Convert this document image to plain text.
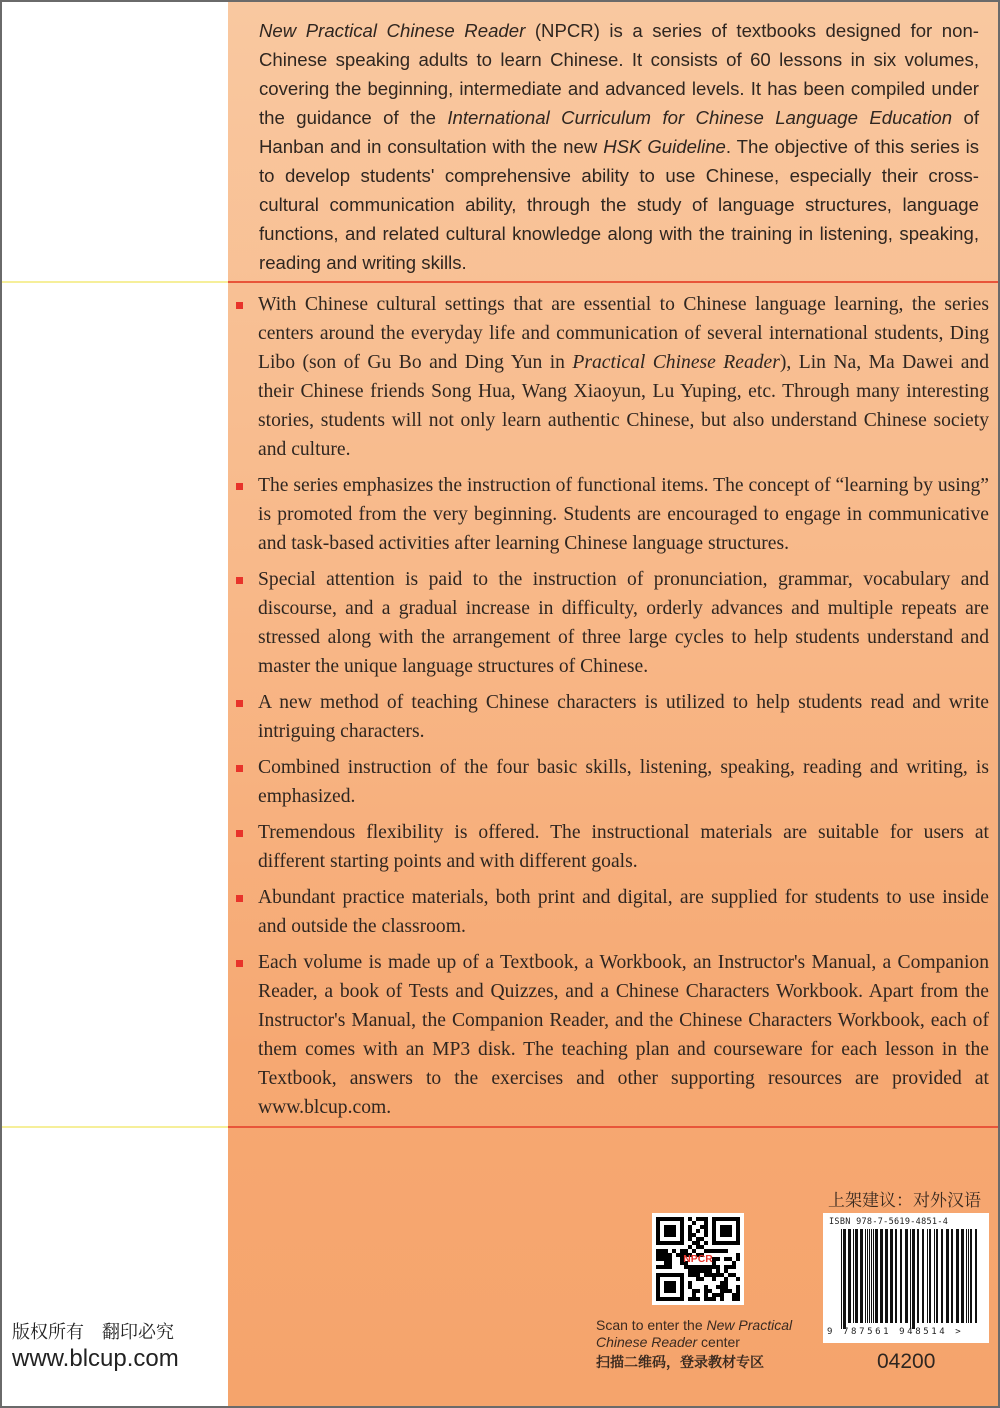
New Practical Chinese Reader (NPCR) is a series of textbooks designed for non-Chinese speaking adults to learn Chinese. It consists of 60 lessons in six volumes, covering the beginning, intermediate and advanced levels. It has been compiled under the guidance of the International Curriculum for Chinese Language Education of Hanban and in consultation with the new HSK Guideline. The objective of this series is to develop students' comprehensive ability to use Chinese, especially their cross-cultural communication ability, through the study of language structures, language functions, and related cultural knowledge along with the training in listening, speaking, reading and writing skills.
With Chinese cultural settings that are essential to Chinese language learning, the series centers around the everyday life and communication of several international students, Ding Libo (son of Gu Bo and Ding Yun in Practical Chinese Reader), Lin Na, Ma Dawei and their Chinese friends Song Hua, Wang Xiaoyun, Lu Yuping, etc. Through many interesting stories, students will not only learn authentic Chinese, but also understand Chinese society and culture.
The series emphasizes the instruction of functional items. The concept of “learning by using” is promoted from the very beginning. Students are encouraged to engage in communicative and task-based activities after learning Chinese language structures.
Special attention is paid to the instruction of pronunciation, grammar, vocabulary and discourse, and a gradual increase in difficulty, orderly advances and multiple repeats are stressed along with the arrangement of three large cycles to help students understand and master the unique language structures of Chinese.
A new method of teaching Chinese characters is utilized to help students read and write intriguing characters.
Combined instruction of the four basic skills, listening, speaking, reading and writing, is emphasized.
Tremendous flexibility is offered. The instructional materials are suitable for users at different starting points and with different goals.
Abundant practice materials, both print and digital, are supplied for students to use inside and outside the classroom.
Each volume is made up of a Textbook, a Workbook, an Instructor's Manual, a Companion Reader, a book of Tests and Quizzes, and a Chinese Characters Workbook. Apart from the Instructor's Manual, the Companion Reader, and the Chinese Characters Workbook, each of them comes with an MP3 disk. The teaching plan and courseware for each lesson in the Textbook, answers to the exercises and other supporting resources are provided at www.blcup.com.
版权所有　翻印必究
www.blcup.com
NPCR
Scan to enter the New Practical
Chinese Reader center
扫描二维码，登录教材专区
上架建议：对外汉语
ISBN 978-7-5619-4851-4
9 787561 948514 >
04200
